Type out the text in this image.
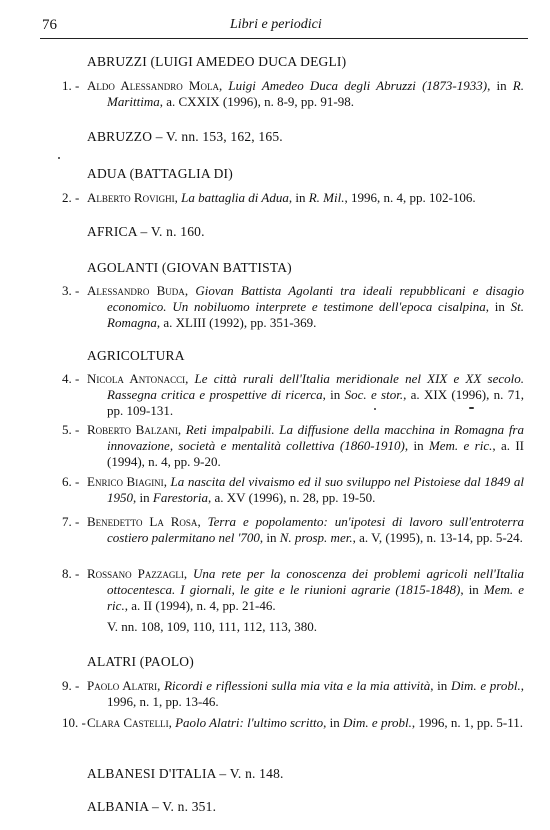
76	Libri e periodici
ABRUZZI (LUIGI AMEDEO DUCA DEGLI)
1. - Aldo Alessandro Mola, Luigi Amedeo Duca degli Abruzzi (1873-1933), in R. Marittima, a. CXXIX (1996), n. 8-9, pp. 91-98.
ABRUZZO – V. nn. 153, 162, 165.
ADUA (BATTAGLIA DI)
2. - Alberto Rovighi, La battaglia di Adua, in R. Mil., 1996, n. 4, pp. 102-106.
AFRICA – V. n. 160.
AGOLANTI (GIOVAN BATTISTA)
3. - Alessandro Buda, Giovan Battista Agolanti tra ideali repubblicani e disagio economico. Un nobiluomo interprete e testimone dell'epoca cisalpina, in St. Romagna, a. XLIII (1992), pp. 351-369.
AGRICOLTURA
4. - Nicola Antonacci, Le città rurali dell'Italia meridionale nel XIX e XX secolo. Rassegna critica e prospettive di ricerca, in Soc. e stor., a. XIX (1996), n. 71, pp. 109-131.
5. - Roberto Balzani, Reti impalpabili. La diffusione della macchina in Romagna fra innovazione, società e mentalità collettiva (1860-1910), in Mem. e ric., a. II (1994), n. 4, pp. 9-20.
6. - Enrico Biagini, La nascita del vivaismo ed il suo sviluppo nel Pistoiese dal 1849 al 1950, in Farestoria, a. XV (1996), n. 28, pp. 19-50.
7. - Benedetto La Rosa, Terra e popolamento: un'ipotesi di lavoro sull'entroterra costiero palermitano nel '700, in N. prosp. mer., a. V, (1995), n. 13-14, pp. 5-24.
8. - Rossano Pazzagli, Una rete per la conoscenza dei problemi agricoli nell'Italia ottocentesca. I giornali, le gite e le riunioni agrarie (1815-1848), in Mem. e ric., a. II (1994), n. 4, pp. 21-46.
V. nn. 108, 109, 110, 111, 112, 113, 380.
ALATRI (PAOLO)
9. - Paolo Alatri, Ricordi e riflessioni sulla mia vita e la mia attività, in Dim. e probl., 1996, n. 1, pp. 13-46.
10. - Clara Castelli, Paolo Alatri: l'ultimo scritto, in Dim. e probl., 1996, n. 1, pp. 5-11.
ALBANESI D'ITALIA – V. n. 148.
ALBANIA – V. n. 351.
